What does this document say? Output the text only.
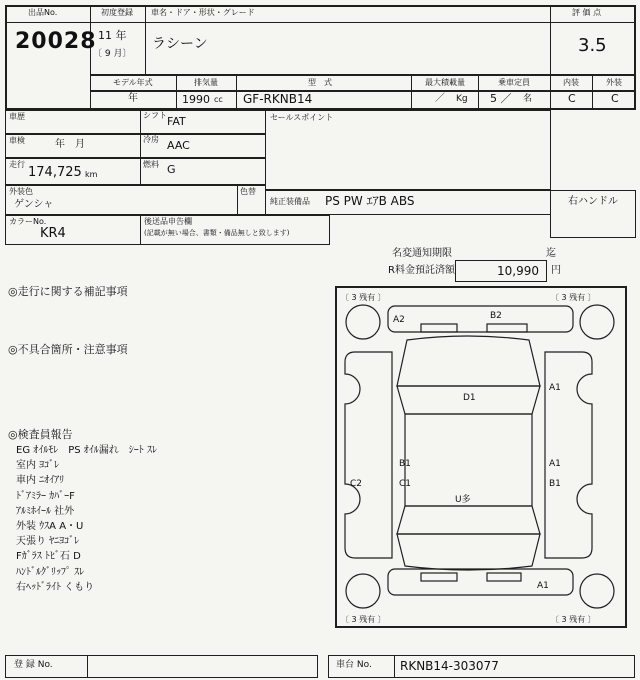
出品No.
20028
初度登録
11 年
〔 9 月〕
車名・ドア・形状・グレード
ラシーン
評 価 点
3.5
モデル年式
年
排気量
1990 cc
型　式
GF-RKNB14
最大積載量
／ Kg
乗車定員
5 ／ 名
内装	外装
C	C
車歴	シフト FAT
車検	年　月	冷房 AAC
走行
174,725 km
燃料 G
外装色
ゲンシャ
色替
カラーNo.
KR4
後送品申告欄
(記載が無い場合、書類・備品無しと致します)
セールスポイント
純正装備品 PS PW ｴｱB ABS	右ハンドル
名変通知期限	迄
R料金預託済額	10,990 円
◎走行に関する補記事項
◎不具合箇所・注意事項
◎検査員報告
EG ｵｲﾙﾓﾚ　PS ｵｲﾙ漏れ　ｼｰﾄ ｽﾚ
室内 ﾖｺﾞﾚ
車内 ﾆｵｲｱﾘ
ﾄﾞｱﾐﾗｰ ｶﾊﾞｰF
ｱﾙﾐﾎｲｰﾙ 社外
外装 ｳｽA A・U
天張り ﾔﾆﾖｺﾞﾚ
Fｶﾞﾗｽ ﾄﾋﾞ石 D
ﾊﾝﾄﾞﾙｸﾞﾘｯﾌﾟ ｽﾚ
右ﾍｯﾄﾞﾗｲﾄ くもり
A2	B2
A1
D1
B1
C1
C2
A1
B1
U多
A1
〔 3 残有 〕	〔 3 残有 〕
〔 3 残有 〕	〔 3 残有 〕
登 録 No.	車台 No. RKNB14-303077
